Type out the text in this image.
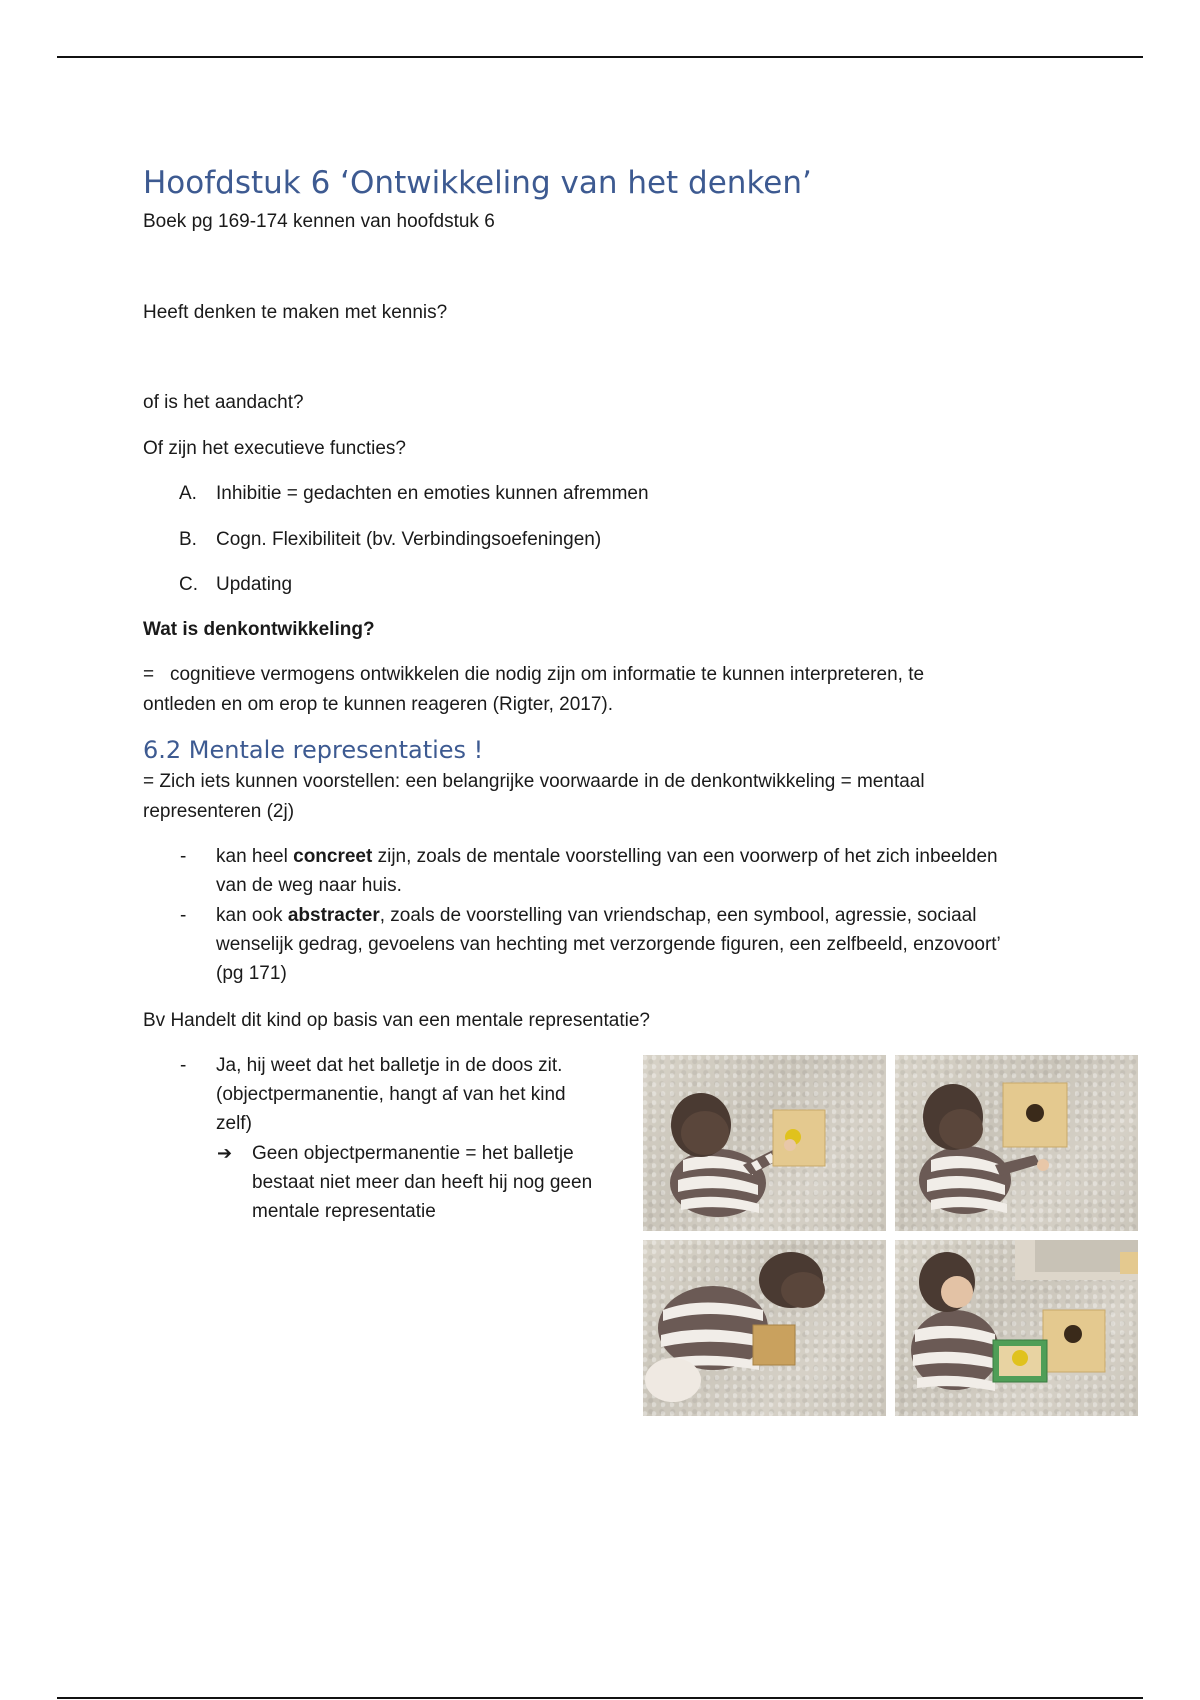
Hoofdstuk 6 ‘Ontwikkeling van het denken’
Boek pg 169-174 kennen van hoofdstuk 6
Heeft denken te maken met kennis?
of is het aandacht?
Of zijn het executieve functies?
A. Inhibitie = gedachten en emoties kunnen afremmen
B. Cogn. Flexibiliteit (bv. Verbindingsoefeningen)
C. Updating
Wat is denkontwikkeling?
= cognitieve vermogens ontwikkelen die nodig zijn om informatie te kunnen interpreteren, te
ontleden en om erop te kunnen reageren (Rigter, 2017).
6.2 Mentale representaties !
= Zich iets kunnen voorstellen: een belangrijke voorwaarde in de denkontwikkeling = mentaal
representeren (2j)
- kan heel concreet zijn, zoals de mentale voorstelling van een voorwerp of het zich inbeelden
van de weg naar huis.
- kan ook abstracter, zoals de voorstelling van vriendschap, een symbool, agressie, sociaal
wenselijk gedrag, gevoelens van hechting met verzorgende figuren, een zelfbeeld, enzovoort’
(pg 171)
Bv Handelt dit kind op basis van een mentale representatie?
- Ja, hij weet dat het balletje in de doos zit.
(objectpermanentie, hangt af van het kind
zelf)
➔ Geen objectpermanentie = het balletje
bestaat niet meer dan heeft hij nog geen
mentale representatie
